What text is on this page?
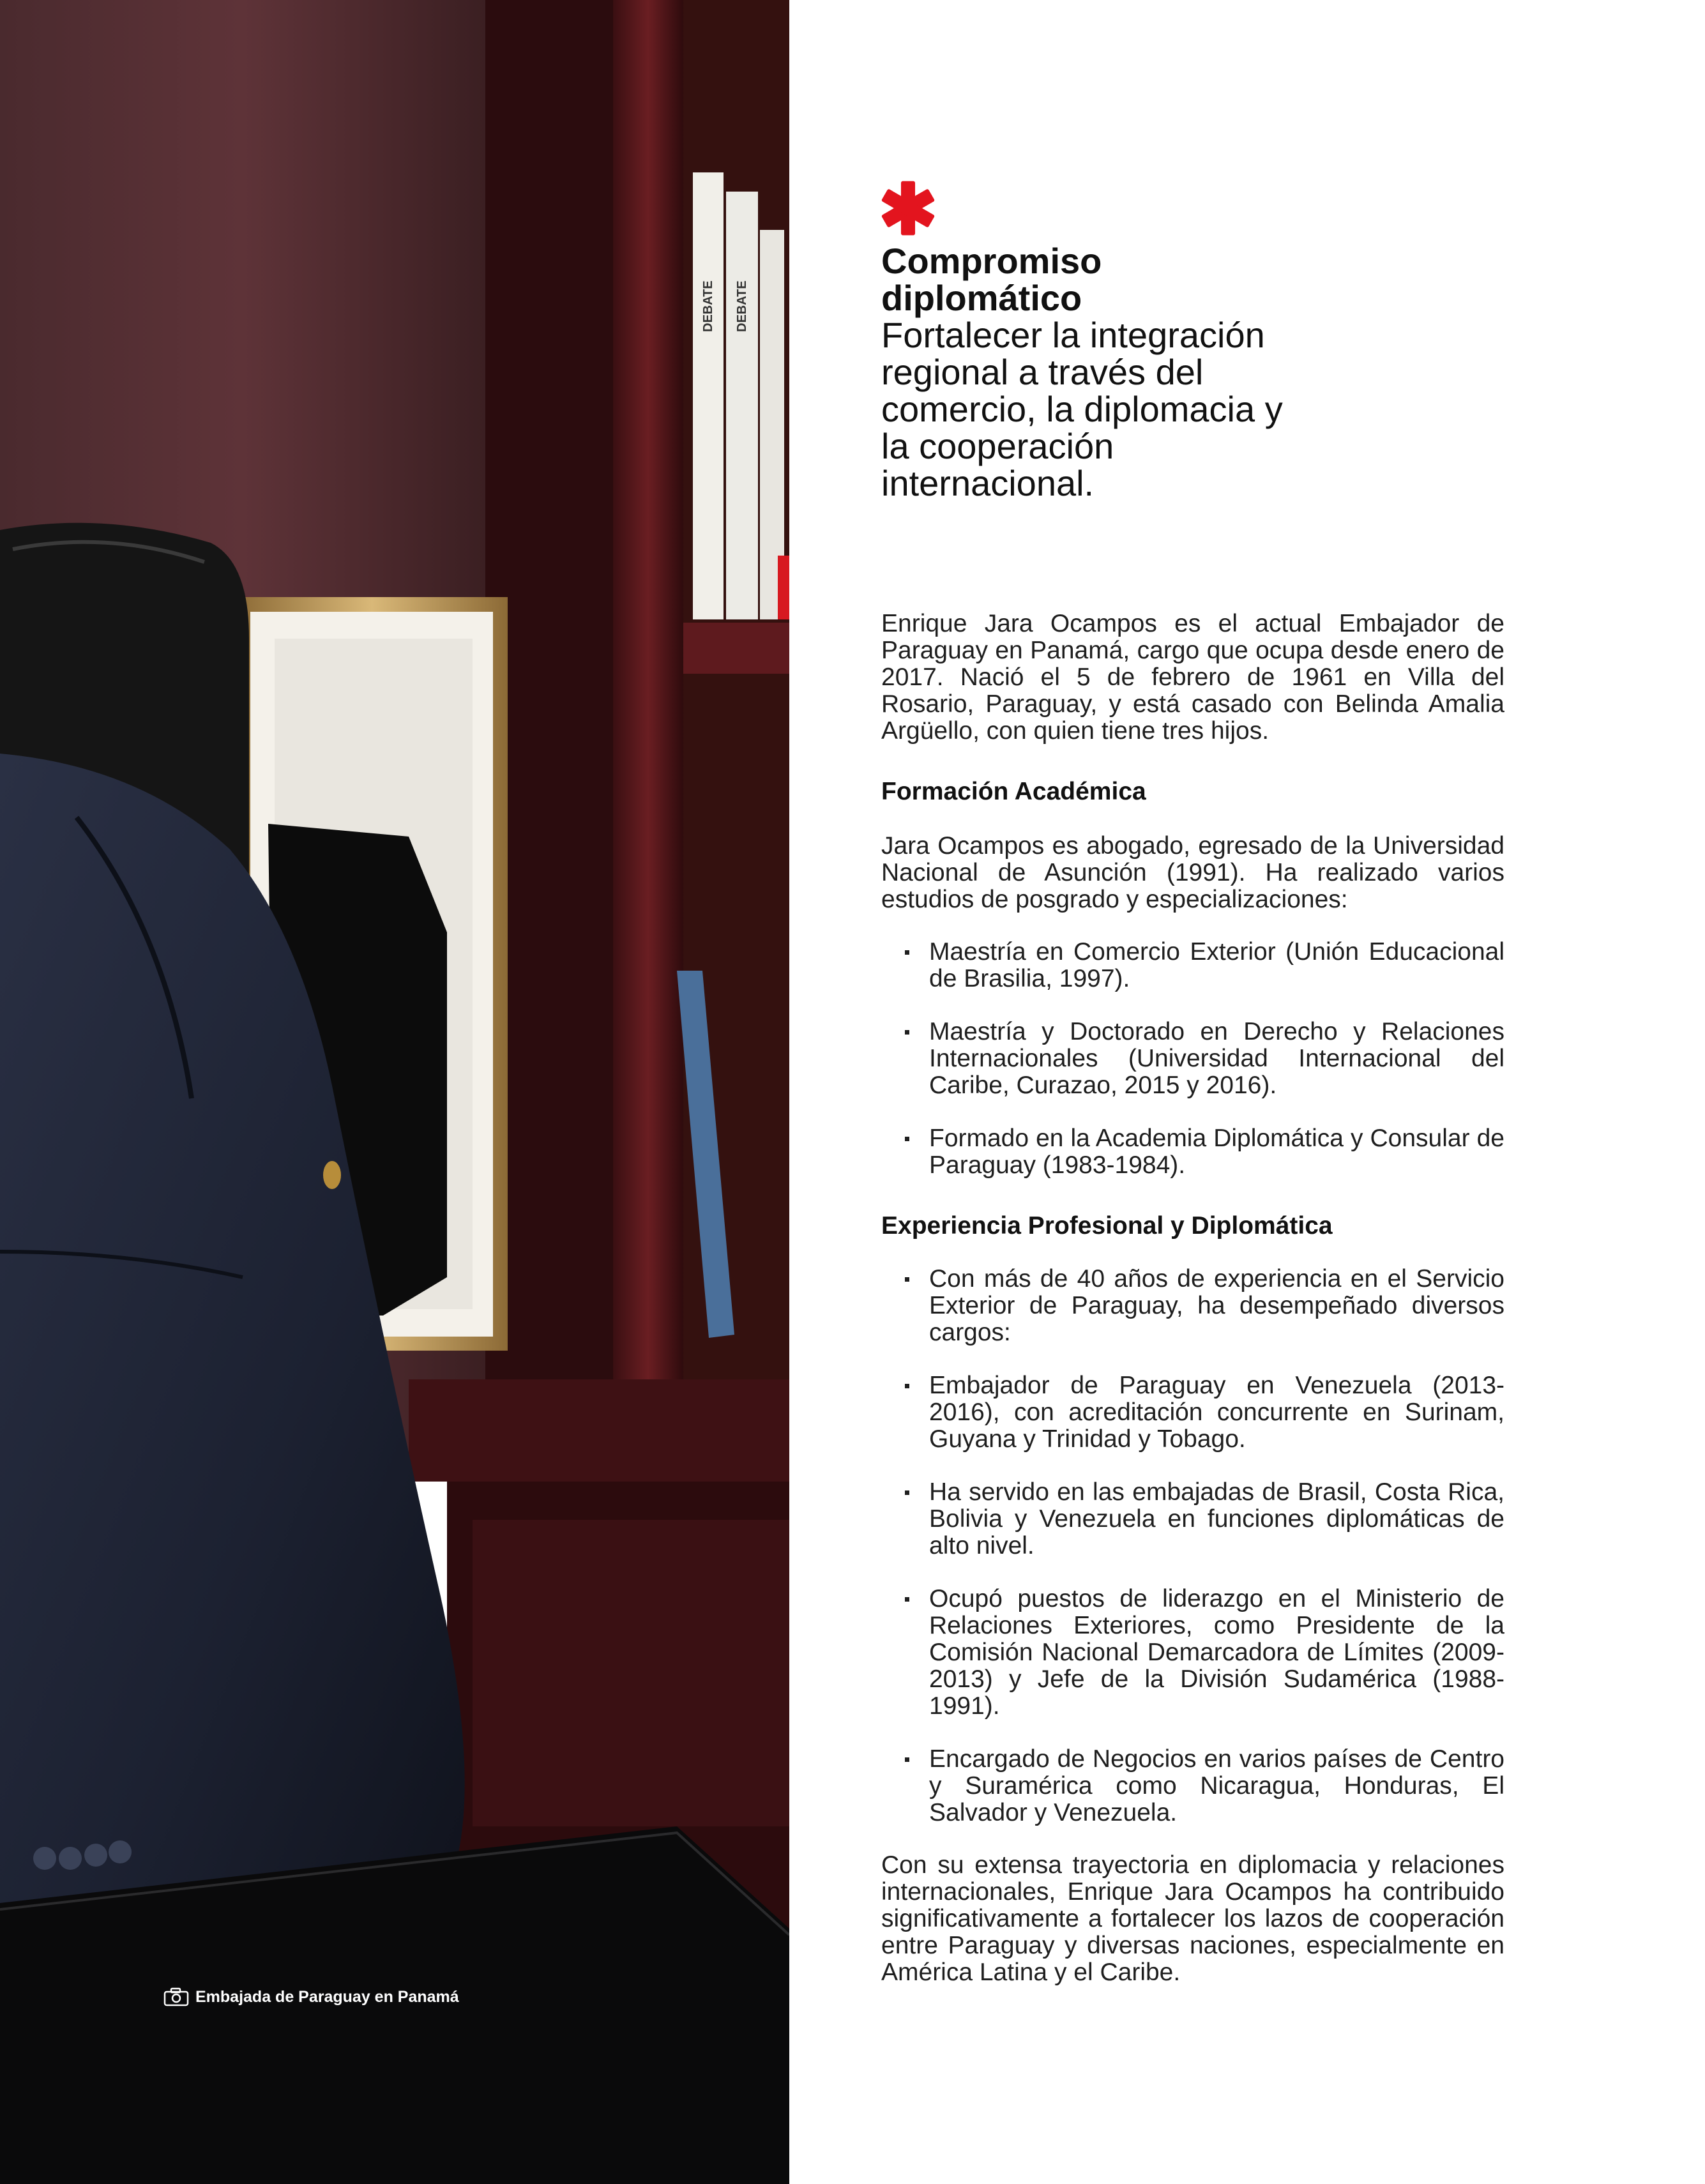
DEBATE DEBATE
Embajada de Paraguay en Panamá
Compromiso
diplomático
Fortalecer la integración
regional a través del
comercio, la diplomacia y
la cooperación
internacional.

Enrique Jara Ocampos es el actual Embajador de Paraguay en Panamá, cargo que ocupa desde enero de 2017. Nació el 5 de febrero de 1961 en Villa del Rosario, Paraguay, y está casado con Belinda Amalia Argüello, con quien tiene tres hijos.

Formación Académica

Jara Ocampos es abogado, egresado de la Universidad Nacional de Asunción (1991). Ha realizado varios estudios de posgrado y especializaciones:

Maestría en Comercio Exterior (Unión Educacional de Brasilia, 1997).
Maestría y Doctorado en Derecho y Relaciones Internacionales (Universidad Internacional del Caribe, Curazao, 2015 y 2016).
Formado en la Academia Diplomática y Consular de Paraguay (1983-1984).
Experiencia Profesional y Diplomática
Con más de 40 años de experiencia en el Servicio Exterior de Paraguay, ha desempeñado diversos cargos:
Embajador de Paraguay en Venezuela (2013-2016), con acreditación concurrente en Surinam, Guyana y Trinidad y Tobago.
Ha servido en las embajadas de Brasil, Costa Rica, Bolivia y Venezuela en funciones diplomáticas de alto nivel.
Ocupó puestos de liderazgo en el Ministerio de Relaciones Exteriores, como Presidente de la Comisión Nacional Demarcadora de Límites (2009-2013) y Jefe de la División Sudamérica (1988-1991).
Encargado de Negocios en varios países de Centro y Suramérica como Nicaragua, Honduras, El Salvador y Venezuela.

Con su extensa trayectoria en diplomacia y relaciones internacionales, Enrique Jara Ocampos ha contribuido significativamente a fortalecer los lazos de cooperación entre Paraguay y diversas naciones, especialmente en América Latina y el Caribe.
